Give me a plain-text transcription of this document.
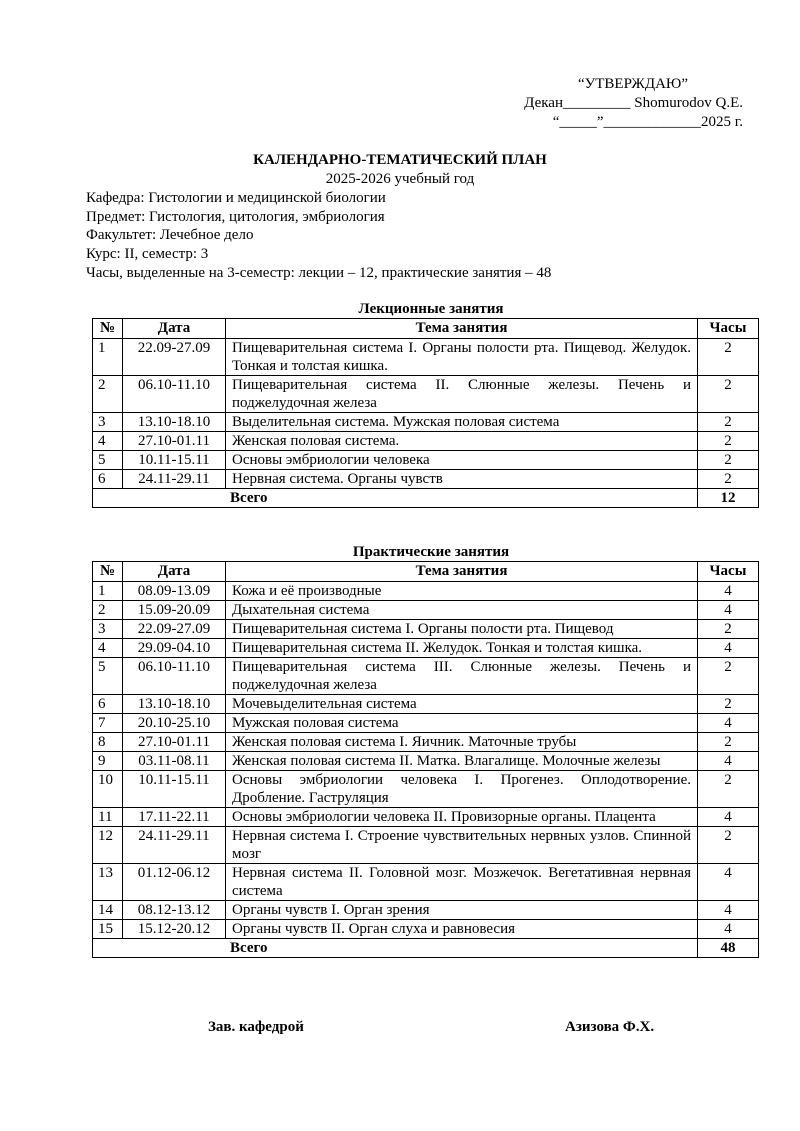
“УТВЕРЖДАЮ”
Декан_________ Shomurodov Q.E.
“_____”_____________2025 г.
КАЛЕНДАРНО-ТЕМАТИЧЕСКИЙ ПЛАН
2025-2026 учебный год
Кафедра: Гистологии и медицинской биологии
Предмет: Гистология, цитология, эмбриология
Факультет: Лечебное дело
Курс: II, семестр: 3
Часы, выделенные на 3-семестр: лекции – 12, практические занятия – 48
Лекционные занятия
№	Дата	Тема занятия	Часы
1	22.09-27.09	Пищеварительная система I. Органы полости рта. Пищевод. Желудок. Тонкая и толстая кишка.	2
2	06.10-11.10	Пищеварительная система II. Слюнные железы. Печень и поджелудочная железа	2
3	13.10-18.10	Выделительная система. Мужская половая система	2
4	27.10-01.11	Женская половая система.	2
5	10.11-15.11	Основы эмбриологии человека	2
6	24.11-29.11	Нервная система. Органы чувств	2
Всего			12
Практические занятия
№	Дата	Тема занятия	Часы
1	08.09-13.09	Кожа и её производные	4
2	15.09-20.09	Дыхательная система	4
3	22.09-27.09	Пищеварительная система I. Органы полости рта. Пищевод	2
4	29.09-04.10	Пищеварительная система II. Желудок. Тонкая и толстая кишка.	4
5	06.10-11.10	Пищеварительная система III. Слюнные железы. Печень и поджелудочная железа	2
6	13.10-18.10	Мочевыделительная система	2
7	20.10-25.10	Мужская половая система	4
8	27.10-01.11	Женская половая система I. Яичник. Маточные трубы	2
9	03.11-08.11	Женская половая система II. Матка. Влагалище. Молочные железы	4
10	10.11-15.11	Основы эмбриологии человека I. Прогенез. Оплодотворение. Дробление. Гаструляция	2
11	17.11-22.11	Основы эмбриологии человека II. Провизорные органы. Плацента	4
12	24.11-29.11	Нервная система I. Строение чувствительных нервных узлов. Спинной мозг	2
13	01.12-06.12	Нервная система II. Головной мозг. Мозжечок. Вегетативная нервная система	4
14	08.12-13.12	Органы чувств I. Орган зрения	4
15	15.12-20.12	Органы чувств II. Орган слуха и равновесия	4
Всего			48
Зав. кафедрой	Азизова Ф.Х.
